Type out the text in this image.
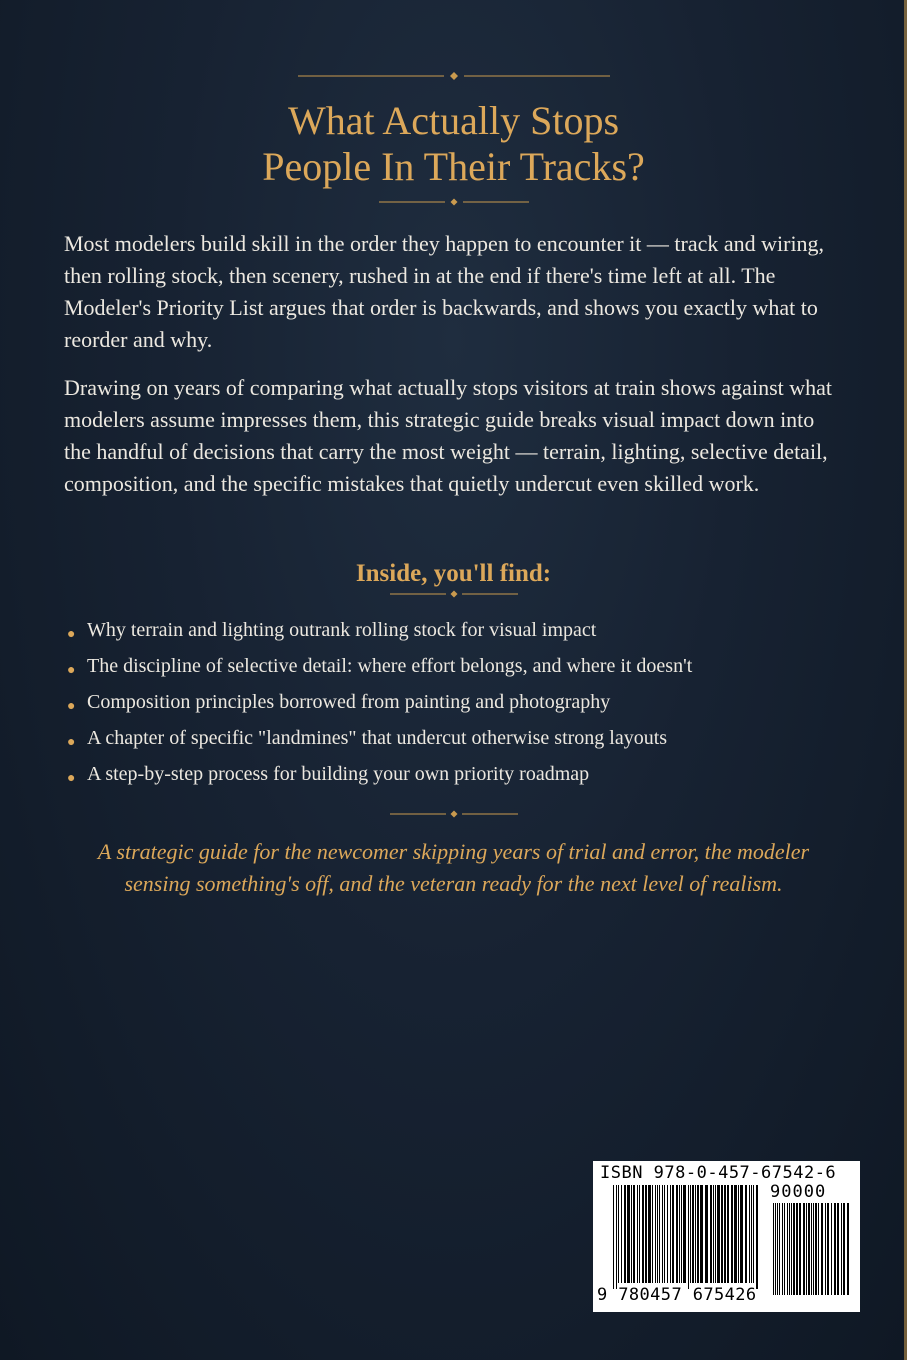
What Actually Stops
People In Their Tracks?

Most modelers build skill in the order they happen to encounter it — track and wiring, then rolling stock, then scenery, rushed in at the end if there's time left at all. The Modeler's Priority List argues that order is backwards, and shows you exactly what to reorder and why.

Drawing on years of comparing what actually stops visitors at train shows against what modelers assume impresses them, this strategic guide breaks visual impact down into the handful of decisions that carry the most weight — terrain, lighting, selective detail, composition, and the specific mistakes that quietly undercut even skilled work.

Inside, you'll find:
● Why terrain and lighting outrank rolling stock for visual impact
● The discipline of selective detail: where effort belongs, and where it doesn't
● Composition principles borrowed from painting and photography
● A chapter of specific "landmines" that undercut otherwise strong layouts
● A step-by-step process for building your own priority roadmap

A strategic guide for the newcomer skipping years of trial and error, the modeler
sensing something's off, and the veteran ready for the next level of realism.

ISBN 978-0-457-67542-6
90000
9 780457 675426
